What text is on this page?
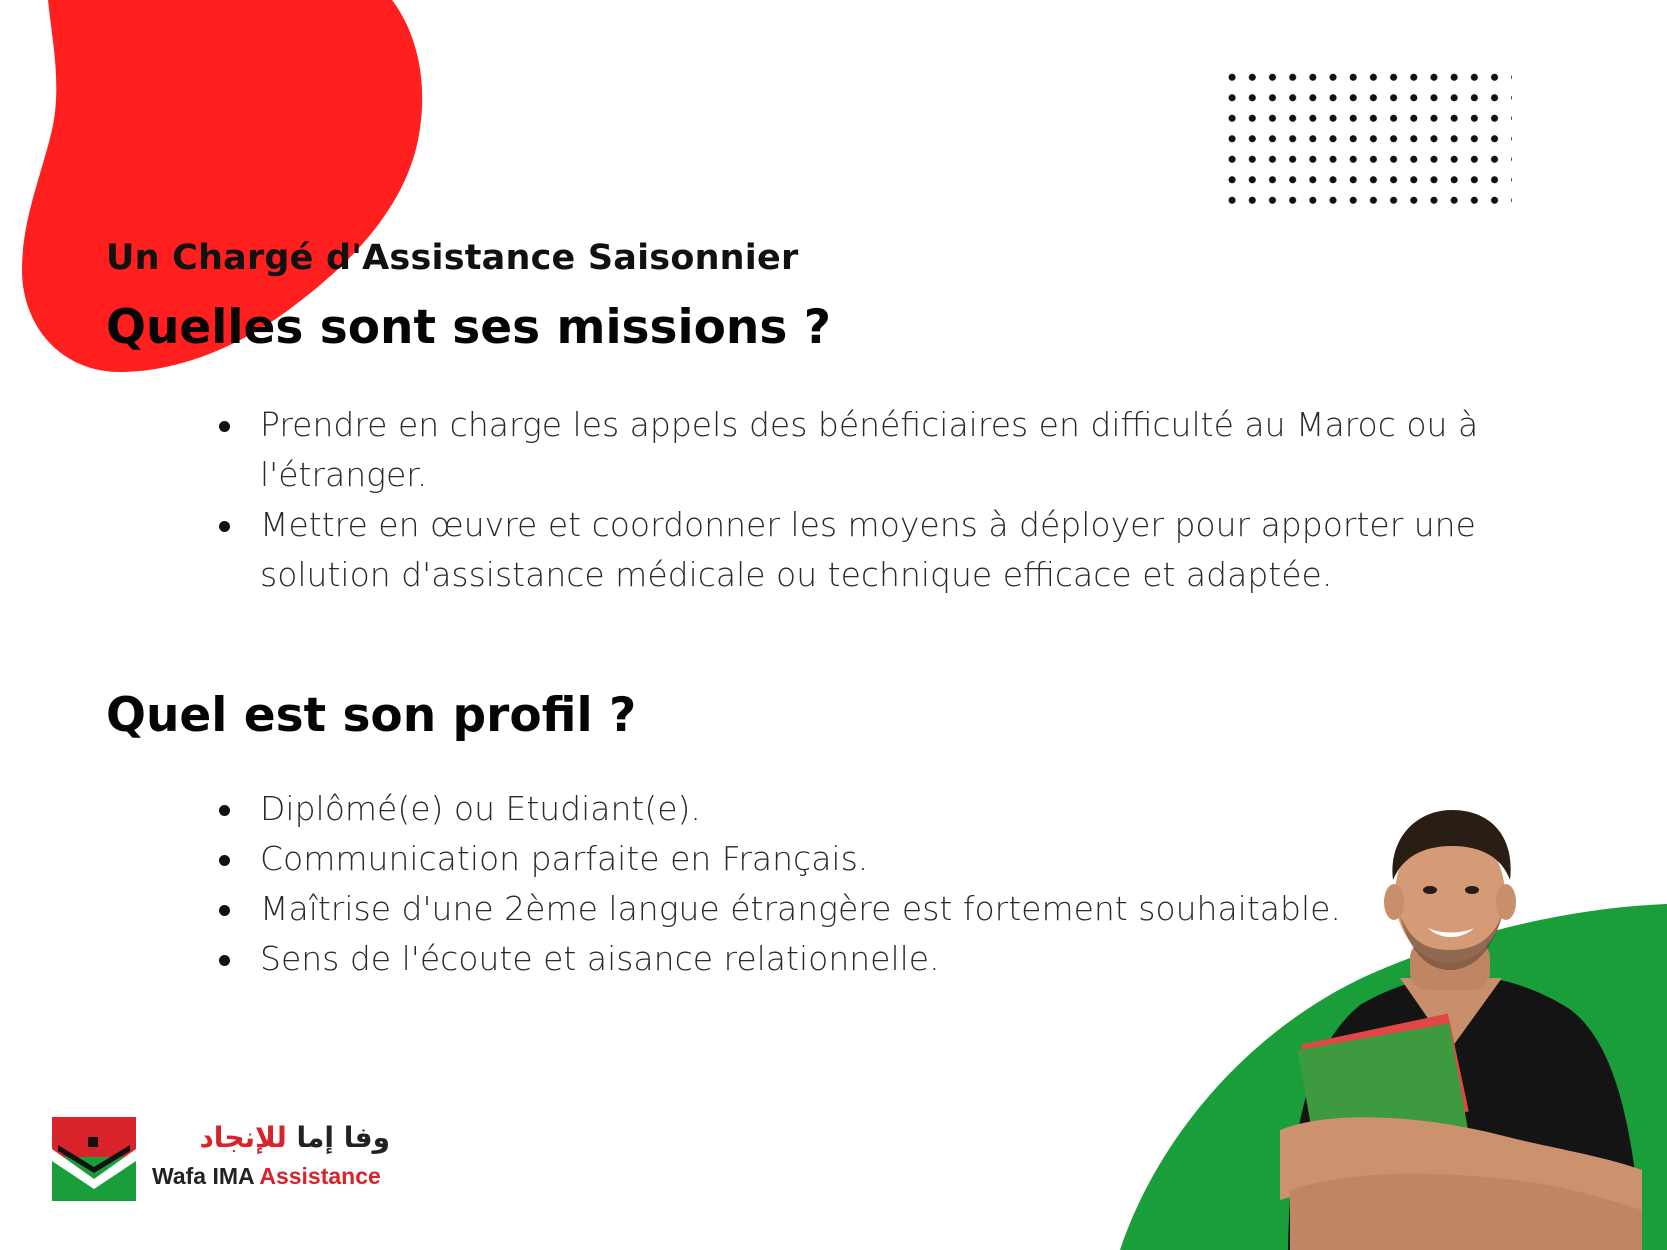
Un Chargé d'Assistance Saisonnier
Quelles sont ses missions ?
Prendre en charge les appels des bénéficiaires en difficulté au Maroc ou à l'étranger.
Mettre en œuvre et coordonner les moyens à déployer pour apporter une solution d'assistance médicale ou technique efficace et adaptée.
Quel est son profil ?
Diplômé(e) ou Etudiant(e).
Communication parfaite en Français.
Maîtrise d'une 2ème langue étrangère est fortement souhaitable.
Sens de l'écoute et aisance relationnelle.
وفا إما للإنجاد
Wafa IMA Assistance
